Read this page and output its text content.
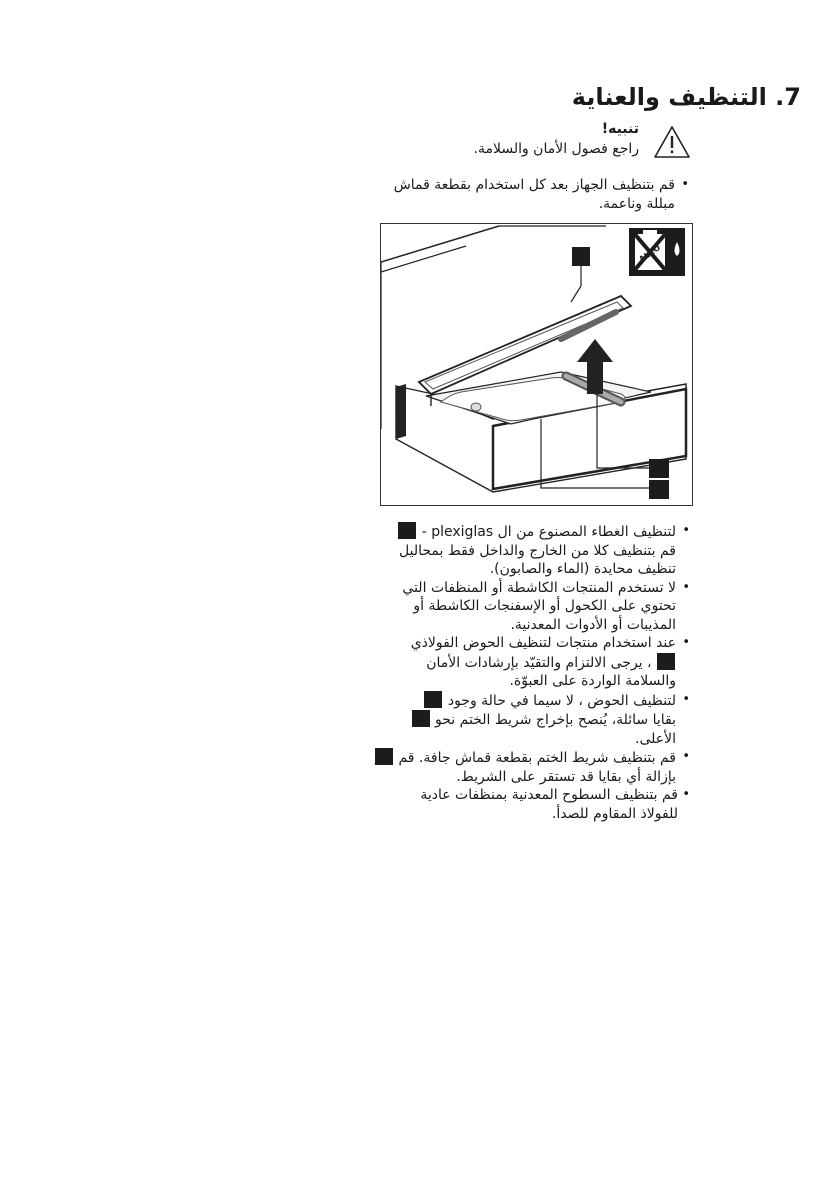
7. التنظيف والعناية
تنبيه!
راجع فصول الأمان والسلامة.

• قم بتنظيف الجهاز بعد كل استخدام بقطعة قماش
مبللة وناعمة.

ALCO
• لتنظيف الغطاء المصنوع من ال plexiglas -
قم بتنظيف كلا من الخارج والداخل فقط بمحاليل
تنظيف محايدة (الماء والصابون).
• لا تستخدم المنتجات الكاشطة أو المنظفات التي
تحتوي على الكحول أو الإسفنجات الكاشطة أو
المذيبات أو الأدوات المعدنية.
• عند استخدام منتجات لتنظيف الحوض الفولاذي
، يرجى الالتزام والتقيّد بإرشادات الأمان
والسلامة الواردة على العبوّة.
• لتنظيف الحوض ، لا سيما في حالة وجود
بقايا سائلة، يُنصح بإخراج شريط الختم نحو
الأعلى.
• قم بتنظيف شريط الختم بقطعة قماش جافة. قم
بإزالة أي بقايا قد تستقر على الشريط.
• قم بتنظيف السطوح المعدنية بمنظفات عادية
للفولاذ المقاوم للصدأ.
